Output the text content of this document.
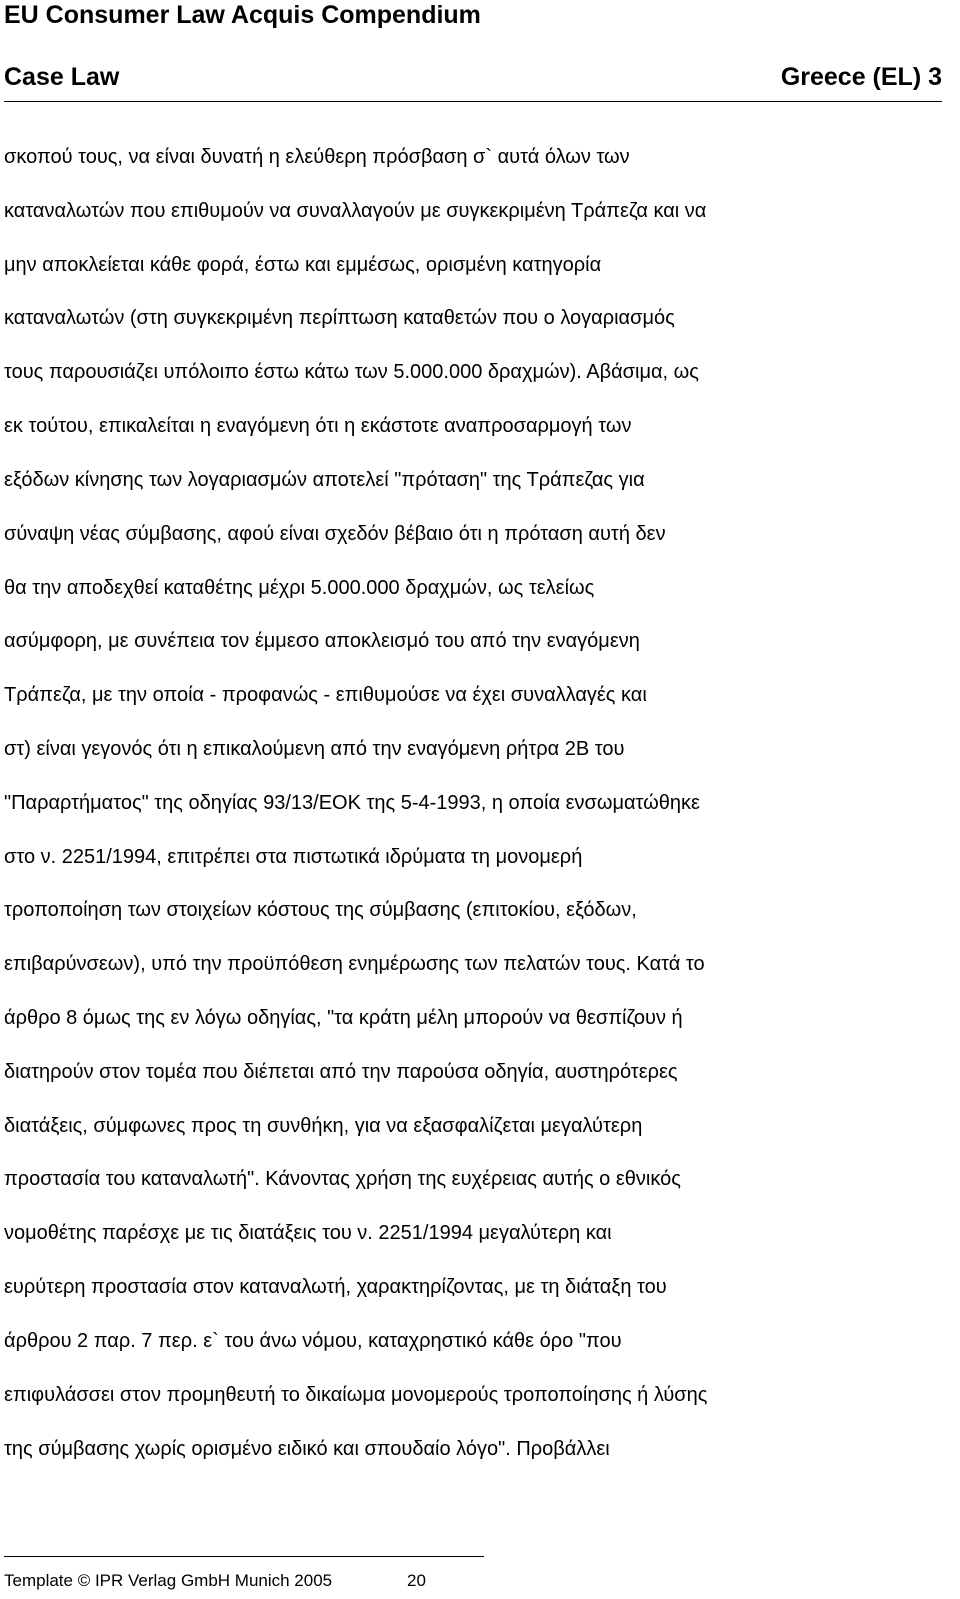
EU Consumer Law Acquis Compendium
Case Law	Greece (EL) 3
σκοπού τους, να είναι δυνατή η ελεύθερη πρόσβαση σ` αυτά όλων των
καταναλωτών που επιθυμούν να συναλλαγούν με συγκεκριμένη Τράπεζα και να
μην αποκλείεται κάθε φορά, έστω και εμμέσως, ορισμένη κατηγορία
καταναλωτών (στη συγκεκριμένη περίπτωση καταθετών που ο λογαριασμός
τους παρουσιάζει υπόλοιπο έστω κάτω των 5.000.000 δραχμών). Αβάσιμα, ως
εκ τούτου, επικαλείται η εναγόμενη ότι η εκάστοτε αναπροσαρμογή των
εξόδων κίνησης των λογαριασμών αποτελεί "πρόταση" της Τράπεζας για
σύναψη νέας σύμβασης, αφού είναι σχεδόν βέβαιο ότι η πρόταση αυτή δεν
θα την αποδεχθεί καταθέτης μέχρι 5.000.000 δραχμών, ως τελείως
ασύμφορη, με συνέπεια τον έμμεσο αποκλεισμό του από την εναγόμενη
Τράπεζα, με την οποία - προφανώς - επιθυμούσε να έχει συναλλαγές και
στ) είναι γεγονός ότι η επικαλούμενη από την εναγόμενη ρήτρα 2Β του
"Παραρτήματος" της οδηγίας 93/13/ΕΟΚ της 5-4-1993, η οποία ενσωματώθηκε
στο ν. 2251/1994, επιτρέπει στα πιστωτικά ιδρύματα τη μονομερή
τροποποίηση των στοιχείων κόστους της σύμβασης (επιτοκίου, εξόδων,
επιβαρύνσεων), υπό την προϋπόθεση ενημέρωσης των πελατών τους. Κατά το
άρθρο 8 όμως της εν λόγω οδηγίας, "τα κράτη μέλη μπορούν να θεσπίζουν ή
διατηρούν στον τομέα που διέπεται από την παρούσα οδηγία, αυστηρότερες
διατάξεις, σύμφωνες προς τη συνθήκη, για να εξασφαλίζεται μεγαλύτερη
προστασία του καταναλωτή". Κάνοντας χρήση της ευχέρειας αυτής ο εθνικός
νομοθέτης παρέσχε με τις διατάξεις του ν. 2251/1994 μεγαλύτερη και
ευρύτερη προστασία στον καταναλωτή, χαρακτηρίζοντας, με τη διάταξη του
άρθρου 2 παρ. 7 περ. ε` του άνω νόμου, καταχρηστικό κάθε όρο "που
επιφυλάσσει στον προμηθευτή το δικαίωμα μονομερούς τροποποίησης ή λύσης
της σύμβασης χωρίς ορισμένο ειδικό και σπουδαίο λόγο". Προβάλλει
Template © IPR Verlag GmbH Munich 2005	20
